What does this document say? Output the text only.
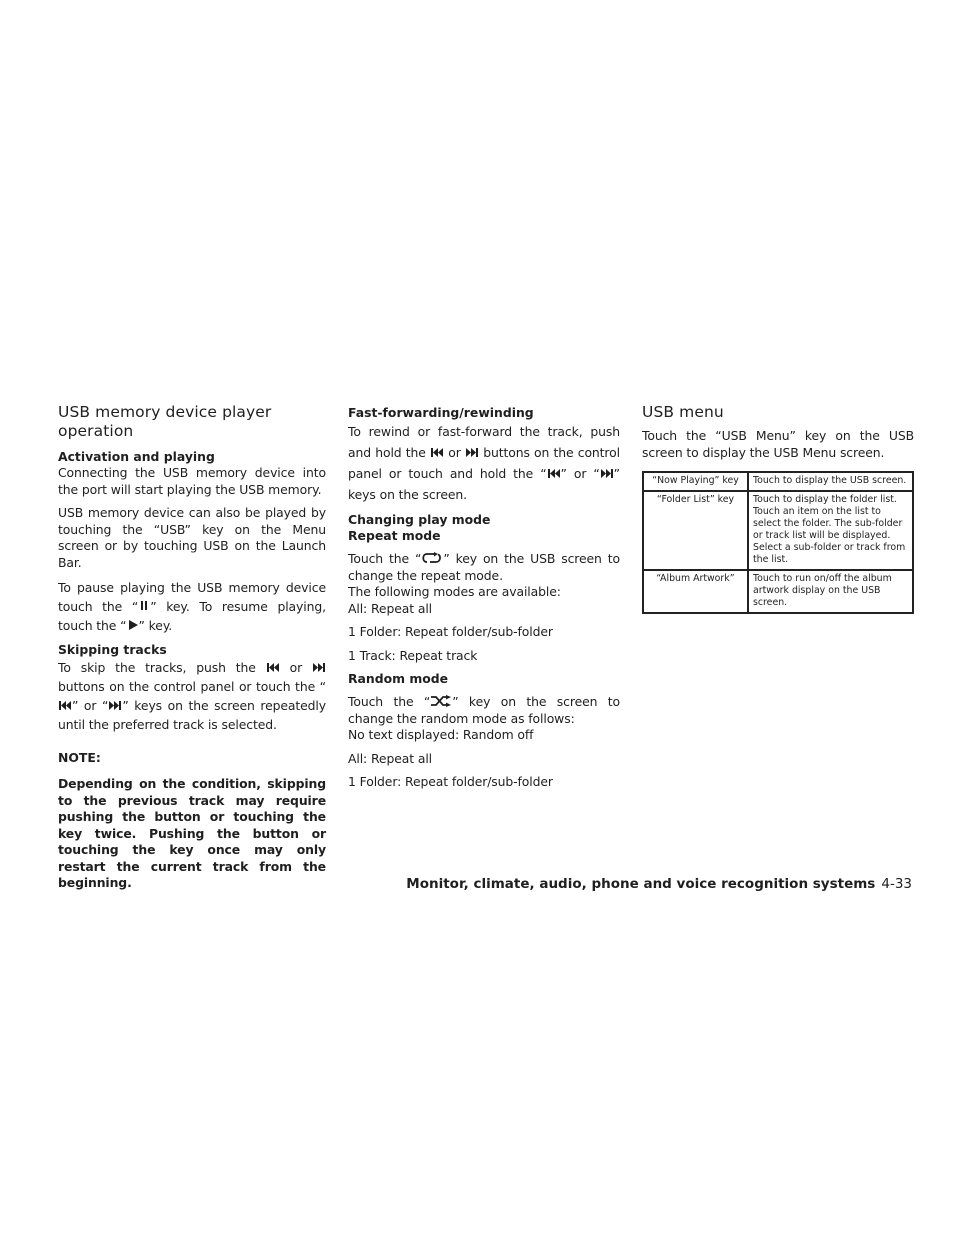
USB memory device player operation

Activation and playing

Connecting the USB memory device into the port will start playing the USB memory.

USB memory device can also be played by touching the “USB” key on the Menu screen or by touching USB on the Launch Bar.

To pause playing the USB memory device touch the “ ” key. To resume playing, touch the “ ” key.

Skipping tracks

To skip the tracks, push the	or
buttons on the control panel or touch the “
” or “ ” keys on the screen repeatedly until the preferred track is selected.

NOTE:

Depending on the condition, skipping to the previous track may require pushing the button or touching the key twice. Pushing the button or touching the key once may only restart the current track from the beginning.

Fast-forwarding/rewinding

To rewind or fast-forward the track, push and hold the or buttons on the control panel or touch and hold the “ ” or “ ” keys on the screen.

Changing play mode

Repeat mode

Touch the “ ” key on the USB screen to change the repeat mode.

The following modes are available:

All: Repeat all

1 Folder: Repeat folder/sub-folder

1 Track: Repeat track

Random mode

Touch the “ ” key on the screen to change the random mode as follows:

No text displayed: Random off

All: Repeat all

1 Folder: Repeat folder/sub-folder

USB menu

Touch the “USB Menu” key on the USB screen to display the USB Menu screen.

“Now Playing” key	Touch to display the USB screen.
“Folder List” key	Touch to display the folder list. Touch an item on the list to select the folder. The sub-folder or track list will be displayed. Select a sub-folder or track from the list.
“Album Artwork”	Touch to run on/off the album artwork display on the USB screen.
Monitor, climate, audio, phone and voice recognition systems 4-33
